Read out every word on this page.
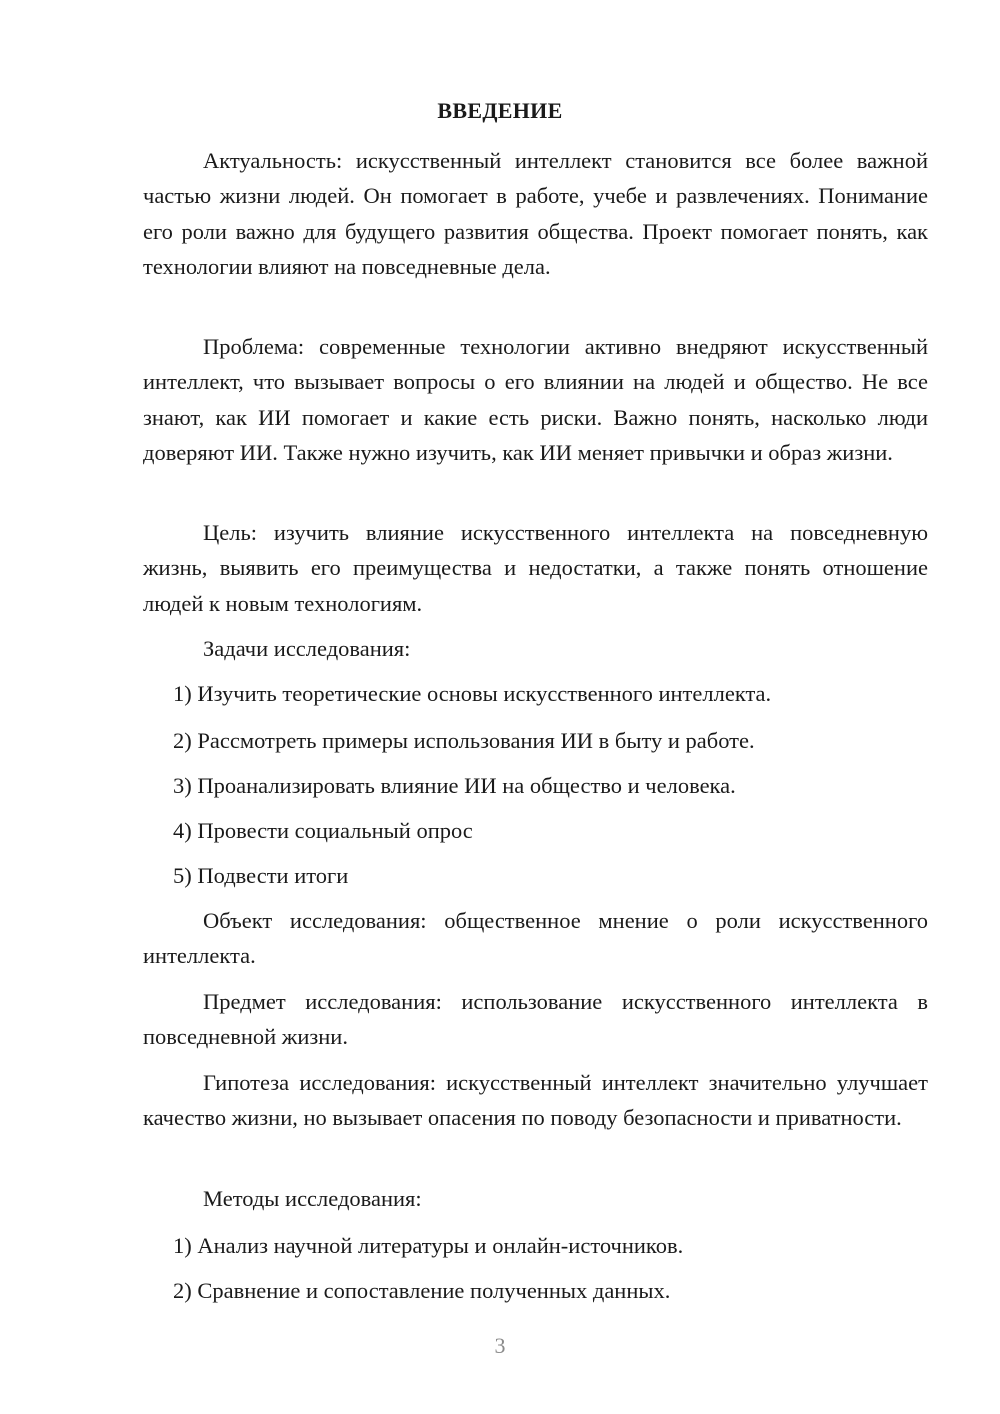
ВВЕДЕНИЕ

Актуальность: искусственный интеллект становится все более важной частью жизни людей. Он помогает в работе, учебе и развлечениях. Понимание его роли важно для будущего развития общества. Проект помогает понять, как технологии влияют на повседневные дела.

Проблема: современные технологии активно внедряют искусственный интеллект, что вызывает вопросы о его влиянии на людей и общество. Не все знают, как ИИ помогает и какие есть риски. Важно понять, насколько люди доверяют ИИ. Также нужно изучить, как ИИ меняет привычки и образ жизни.

Цель: изучить влияние искусственного интеллекта на повседневную жизнь, выявить его преимущества и недостатки, а также понять отношение людей к новым технологиям.

Задачи исследования:

1) Изучить теоретические основы искусственного интеллекта.

2) Рассмотреть примеры использования ИИ в быту и работе.

3) Проанализировать влияние ИИ на общество и человека.

4) Провести социальный опрос

5) Подвести итоги

Объект исследования: общественное мнение о роли искусственного интеллекта.

Предмет исследования: использование искусственного интеллекта в повседневной жизни.

Гипотеза исследования: искусственный интеллект значительно улучшает качество жизни, но вызывает опасения по поводу безопасности и приватности.

Методы исследования:

1) Анализ научной литературы и онлайн-источников.

2) Сравнение и сопоставление полученных данных.

3
